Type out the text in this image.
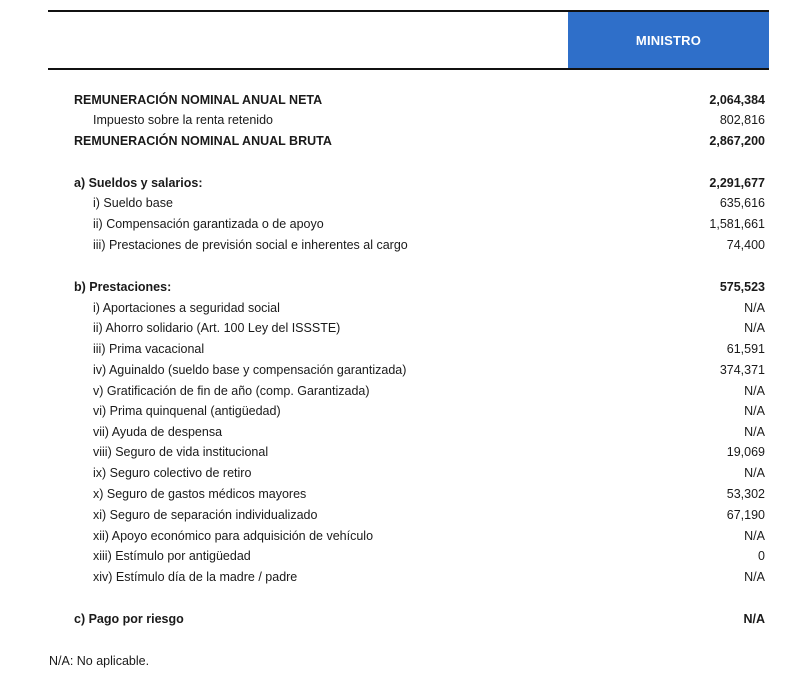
MINISTRO
REMUNERACIÓN NOMINAL ANUAL NETA	2,064,384
Impuesto sobre la renta retenido	802,816
REMUNERACIÓN NOMINAL ANUAL BRUTA	2,867,200
a) Sueldos y salarios:	2,291,677
i) Sueldo base	635,616
ii) Compensación garantizada o de apoyo	1,581,661
iii) Prestaciones de previsión social e inherentes al cargo	74,400
b) Prestaciones:	575,523
i) Aportaciones a seguridad social	N/A
ii) Ahorro solidario (Art. 100 Ley del ISSSTE)	N/A
iii) Prima vacacional	61,591
iv) Aguinaldo (sueldo base y compensación garantizada)	374,371
v) Gratificación de fin de año (comp. Garantizada)	N/A
vi) Prima quinquenal (antigüedad)	N/A
vii) Ayuda de despensa	N/A
viii) Seguro de vida institucional	19,069
ix) Seguro colectivo de retiro	N/A
x) Seguro de gastos médicos mayores	53,302
xi) Seguro de separación individualizado	67,190
xii) Apoyo económico para adquisición de vehículo	N/A
xiii) Estímulo por antigüedad	0
xiv) Estímulo día de la madre / padre	N/A
c) Pago por riesgo	N/A
N/A: No aplicable.
